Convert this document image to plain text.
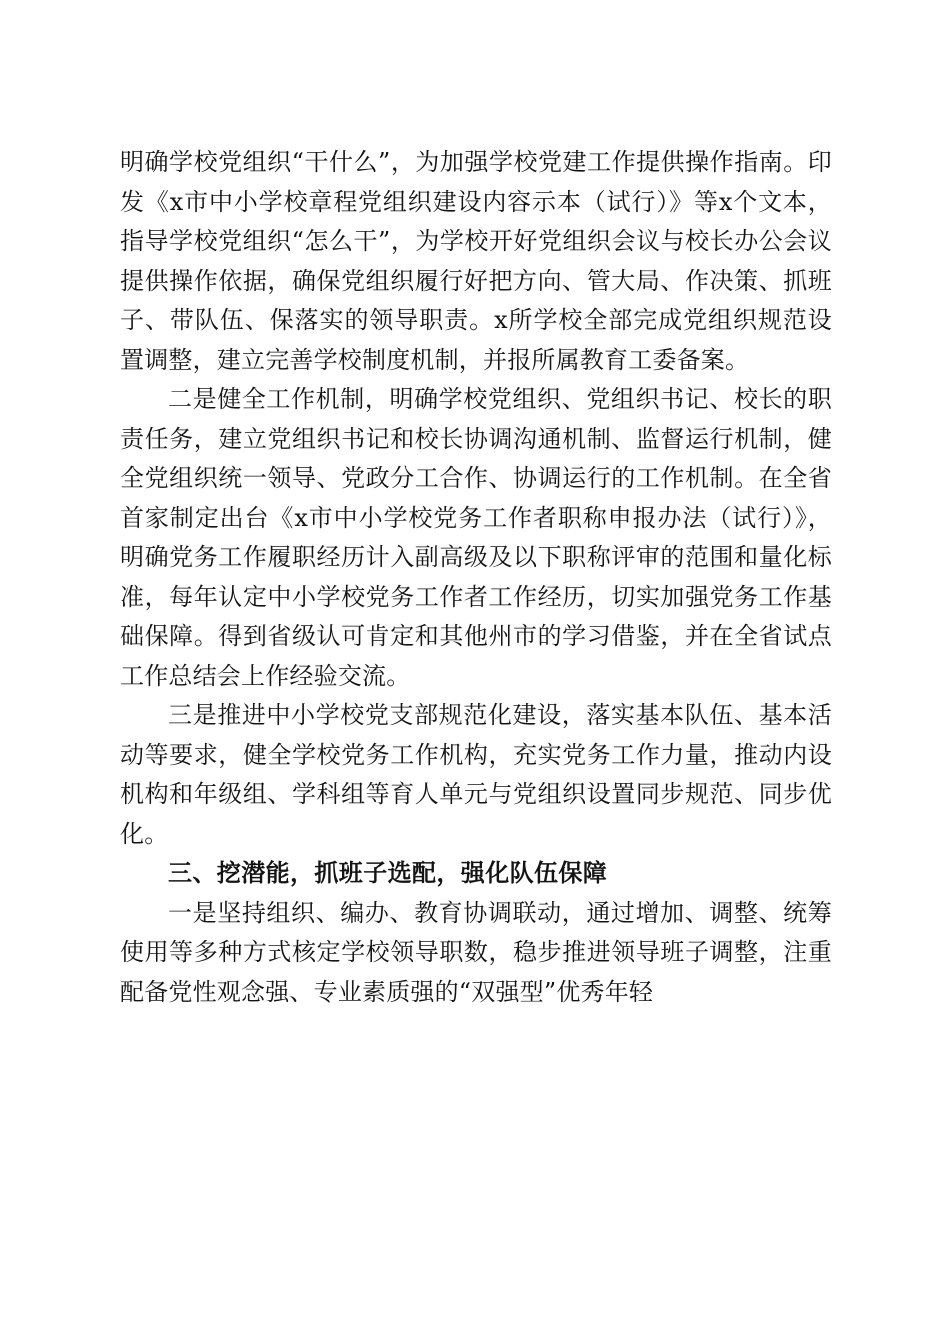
明确学校党组织“干什么”，为加强学校党建工作提供操作指南。印发《x市中小学校章程党组织建设内容示本（试行）》等x个文本，指导学校党组织“怎么干”，为学校开好党组织会议与校长办公会议提供操作依据，确保党组织履行好把方向、管大局、作决策、抓班子、带队伍、保落实的领导职责。x所学校全部完成党组织规范设置调整，建立完善学校制度机制，并报所属教育工委备案。

二是健全工作机制，明确学校党组织、党组织书记、校长的职责任务，建立党组织书记和校长协调沟通机制、监督运行机制，健全党组织统一领导、党政分工合作、协调运行的工作机制。在全省首家制定出台《x市中小学校党务工作者职称申报办法（试行）》，明确党务工作履职经历计入副高级及以下职称评审的范围和量化标准，每年认定中小学校党务工作者工作经历，切实加强党务工作基础保障。得到省级认可肯定和其他州市的学习借鉴，并在全省试点工作总结会上作经验交流。

三是推进中小学校党支部规范化建设，落实基本队伍、基本活动等要求，健全学校党务工作机构，充实党务工作力量，推动内设机构和年级组、学科组等育人单元与党组织设置同步规范、同步优化。

三、挖潜能，抓班子选配，强化队伍保障

一是坚持组织、编办、教育协调联动，通过增加、调整、统筹使用等多种方式核定学校领导职数，稳步推进领导班子调整，注重配备党性观念强、专业素质强的“双强型”优秀年轻
